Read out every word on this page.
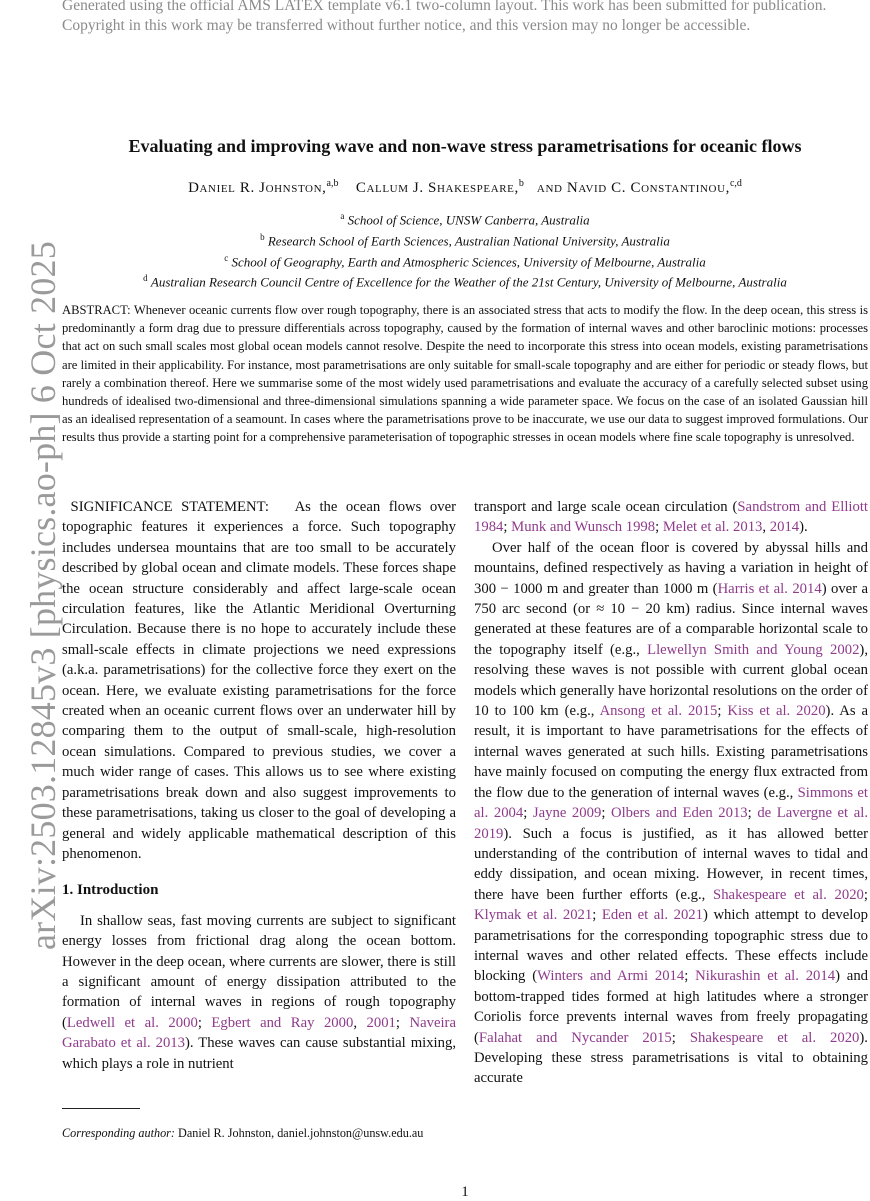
Generated using the official AMS LATEX template v6.1 two-column layout. This work has been submitted for publication. Copyright in this work may be transferred without further notice, and this version may no longer be accessible.
arXiv:2503.12845v3 [physics.ao-ph] 6 Oct 2025
Evaluating and improving wave and non-wave stress parametrisations for oceanic flows
Daniel R. Johnston,$^{a,b}$ Callum J. Shakespeare,$^b$ and Navid C. Constantinou,$^{c,d}$
$^a$ School of Science, UNSW Canberra, Australia
$^b$ Research School of Earth Sciences, Australian National University, Australia
$^c$ School of Geography, Earth and Atmospheric Sciences, University of Melbourne, Australia
$^d$ Australian Research Council Centre of Excellence for the Weather of the 21st Century, University of Melbourne, Australia
ABSTRACT: Whenever oceanic currents flow over rough topography, there is an associated stress that acts to modify the flow. In the deep ocean, this stress is predominantly a form drag due to pressure differentials across topography, caused by the formation of internal waves and other baroclinic motions: processes that act on such small scales most global ocean models cannot resolve. Despite the need to incorporate this stress into ocean models, existing parametrisations are limited in their applicability. For instance, most parametrisations are only suitable for small-scale topography and are either for periodic or steady flows, but rarely a combination thereof. Here we summarise some of the most widely used parametrisations and evaluate the accuracy of a carefully selected subset using hundreds of idealised two-dimensional and three-dimensional simulations spanning a wide parameter space. We focus on the case of an isolated Gaussian hill as an idealised representation of a seamount. In cases where the parametrisations prove to be inaccurate, we use our data to suggest improved formulations. Our results thus provide a starting point for a comprehensive parameterisation of topographic stresses in ocean models where fine scale topography is unresolved.

SIGNIFICANCE STATEMENT: As the ocean flows over topographic features it experiences a force. Such topography includes undersea mountains that are too small to be accurately described by global ocean and climate models. These forces shape the ocean structure considerably and affect large-scale ocean circulation features, like the Atlantic Meridional Overturning Circulation. Because there is no hope to accurately include these small-scale effects in climate projections we need expressions (a.k.a. parametrisations) for the collective force they exert on the ocean. Here, we evaluate existing parametrisations for the force created when an oceanic current flows over an underwater hill by comparing them to the output of small-scale, high-resolution ocean simulations. Compared to previous studies, we cover a much wider range of cases. This allows us to see where existing parametrisations break down and also suggest improvements to these parametrisations, taking us closer to the goal of developing a general and widely applicable mathematical description of this phenomenon.

1. Introduction

In shallow seas, fast moving currents are subject to significant energy losses from frictional drag along the ocean bottom. However in the deep ocean, where currents are slower, there is still a significant amount of energy dissipation attributed to the formation of internal waves in regions of rough topography (Ledwell et al. 2000; Egbert and Ray 2000, 2001; Naveira Garabato et al. 2013). These waves can cause substantial mixing, which plays a role in nutrient

transport and large scale ocean circulation (Sandstrom and Elliott 1984; Munk and Wunsch 1998; Melet et al. 2013, 2014).

Over half of the ocean floor is covered by abyssal hills and mountains, defined respectively as having a variation in height of 300 − 1000 m and greater than 1000 m (Harris et al. 2014) over a 750 arc second (or ≈ 10 − 20 km) radius. Since internal waves generated at these features are of a comparable horizontal scale to the topography itself (e.g., Llewellyn Smith and Young 2002), resolving these waves is not possible with current global ocean models which generally have horizontal resolutions on the order of 10 to 100 km (e.g., Ansong et al. 2015; Kiss et al. 2020). As a result, it is important to have parametrisations for the effects of internal waves generated at such hills. Existing parametrisations have mainly focused on computing the energy flux extracted from the flow due to the generation of internal waves (e.g., Simmons et al. 2004; Jayne 2009; Olbers and Eden 2013; de Lavergne et al. 2019). Such a focus is justified, as it has allowed better understanding of the contribution of internal waves to tidal and eddy dissipation, and ocean mixing. However, in recent times, there have been further efforts (e.g., Shakespeare et al. 2020; Klymak et al. 2021; Eden et al. 2021) which attempt to develop parametrisations for the corresponding topographic stress due to internal waves and other related effects. These effects include blocking (Winters and Armi 2014; Nikurashin et al. 2014) and bottom-trapped tides formed at high latitudes where a stronger Coriolis force prevents internal waves from freely propagating (Falahat and Nycander 2015; Shakespeare et al. 2020). Developing these stress parametrisations is vital to obtaining accurate

Corresponding author: Daniel R. Johnston, daniel.johnston@unsw.edu.au
1
